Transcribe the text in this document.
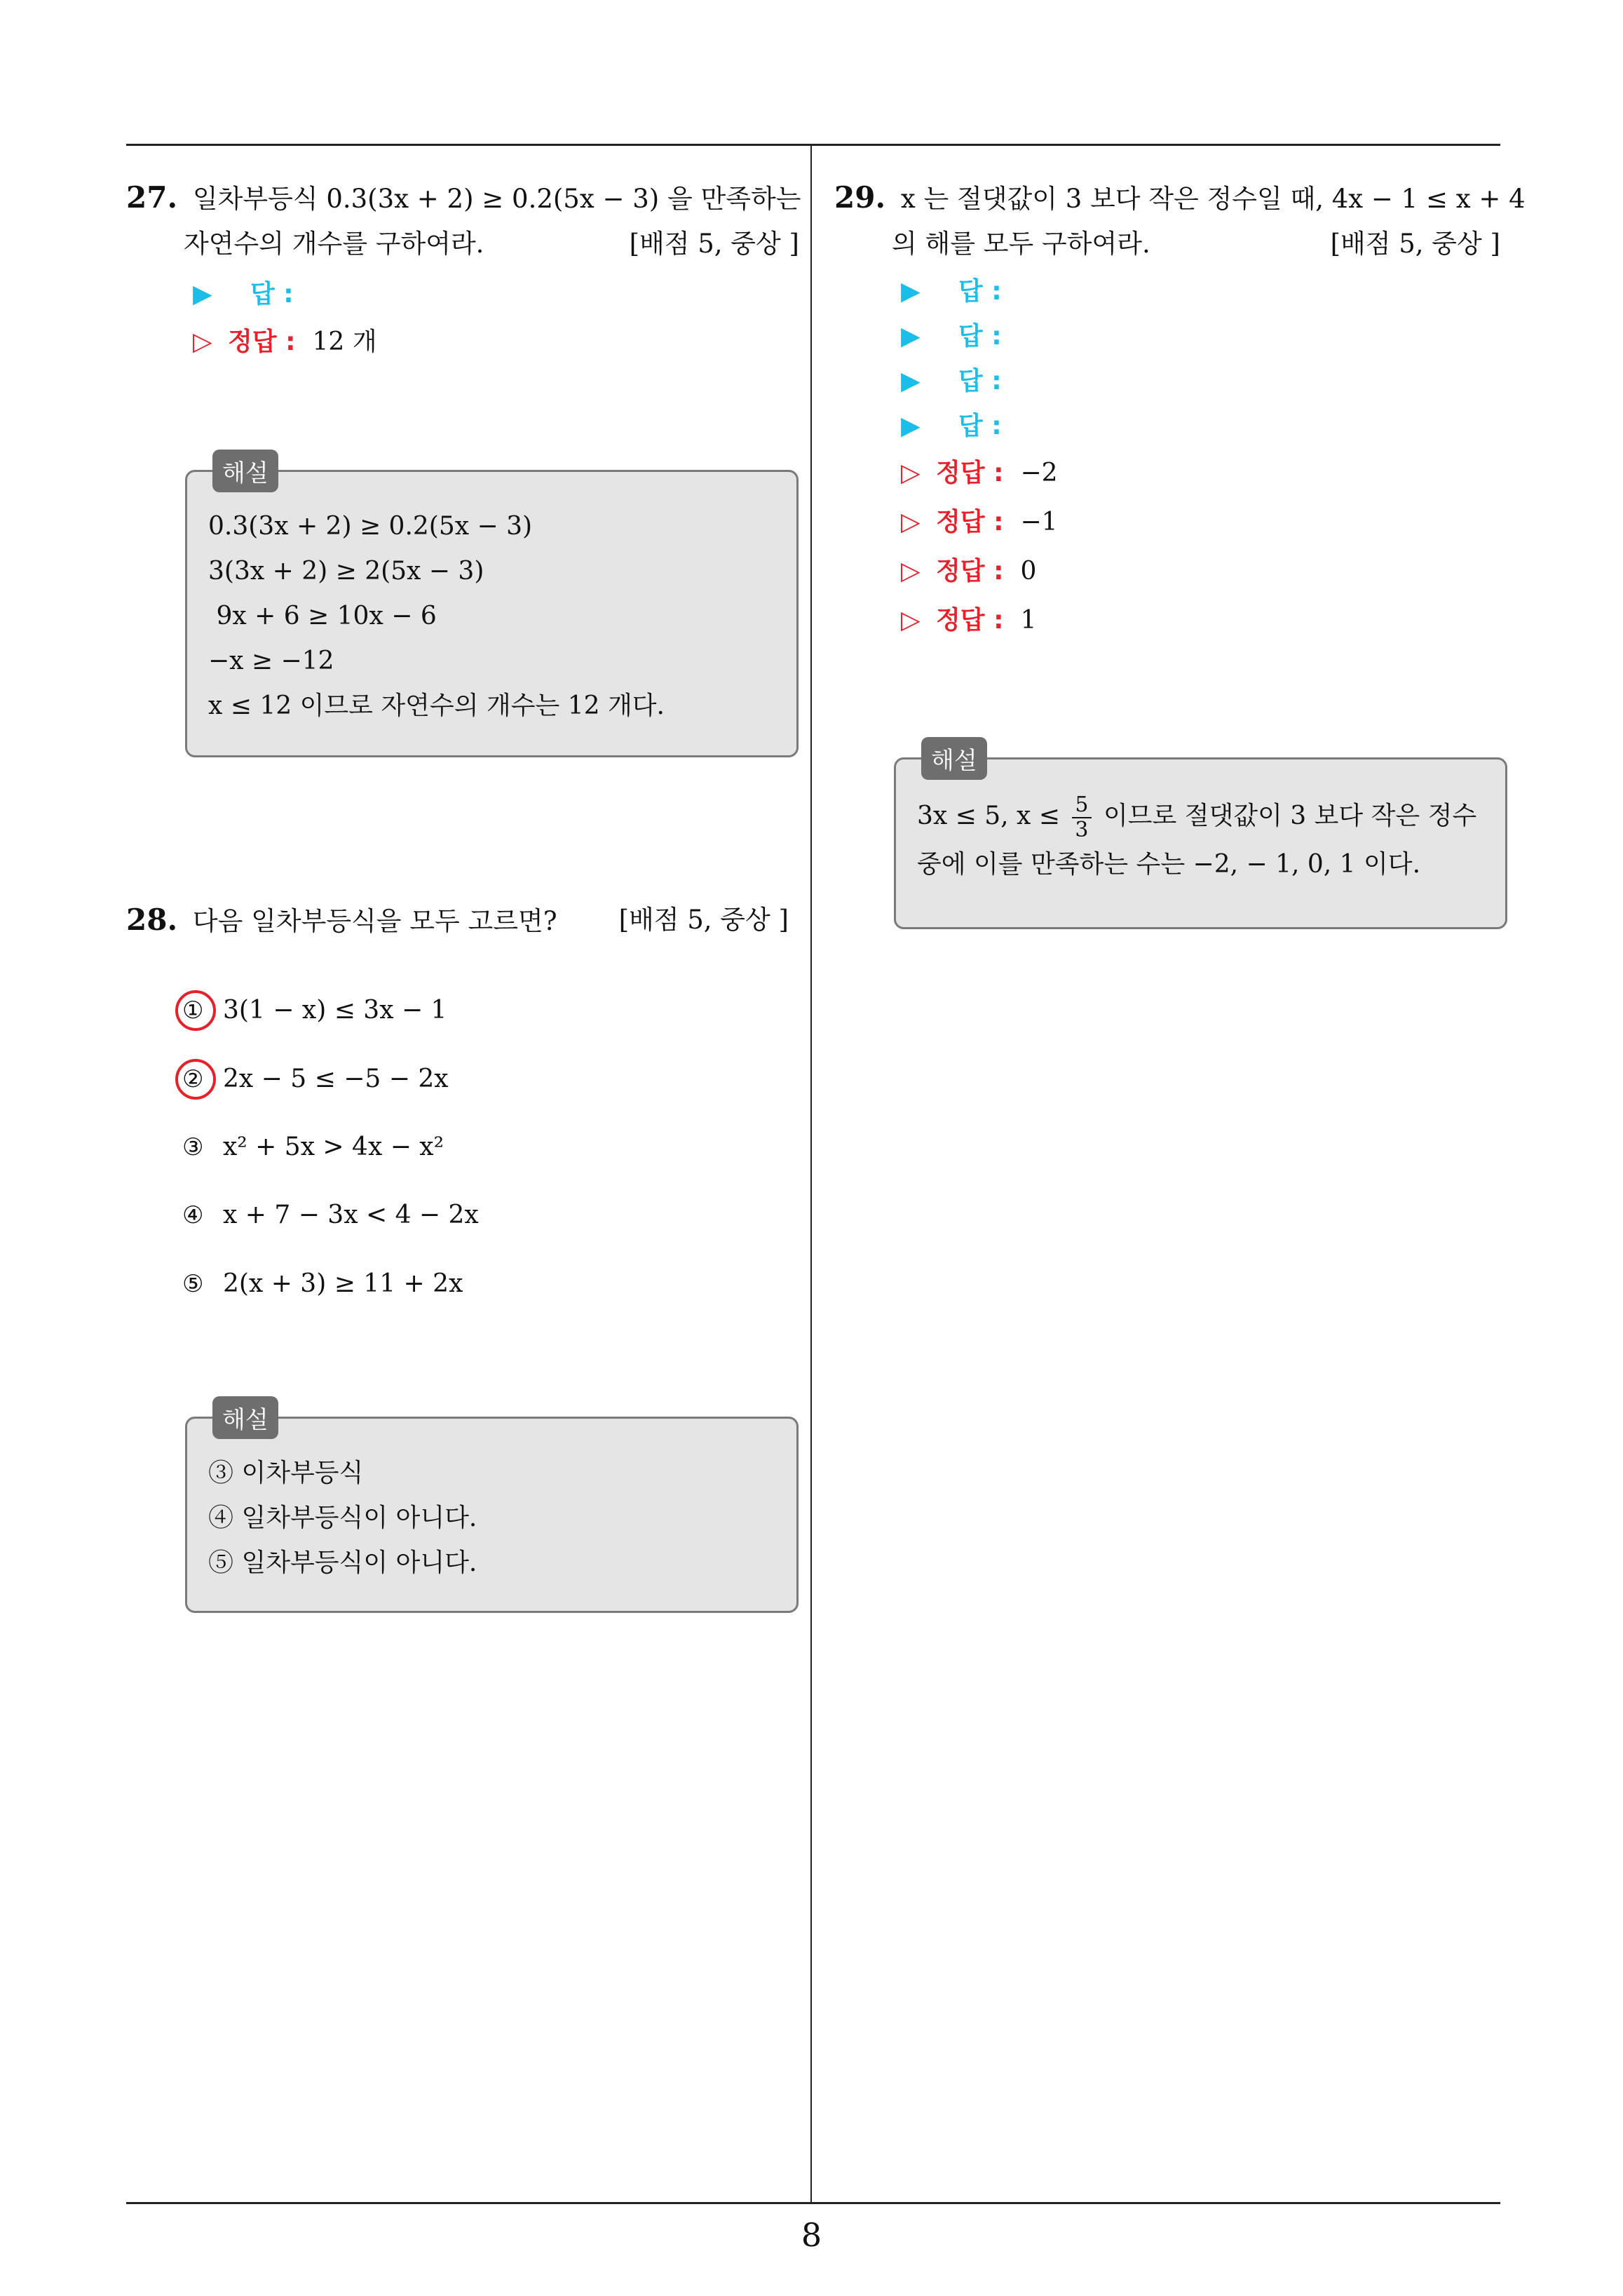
8
27. 일차부등식 0.3(3x + 2) ≥ 0.2(5x − 3) 을 만족하는
자연수의 개수를 구하여라.	[배점 5, 중상 ]
▶	답 :
▷ 정답 : 12 개
해설
0.3(3x + 2) ≥ 0.2(5x − 3)
3(3x + 2) ≥ 2(5x − 3)
9x + 6 ≥ 10x − 6
−x ≥ −12
x ≤ 12 이므로 자연수의 개수는 12 개다.
28. 다음 일차부등식을 모두 고르면? [배점 5, 중상 ]
① 3(1 − x) ≤ 3x − 1
② 2x − 5 ≤ −5 − 2x
③ x² + 5x > 4x − x²
④ x + 7 − 3x < 4 − 2x
⑤ 2(x + 3) ≥ 11 + 2x
해설
③ 이차부등식
④ 일차부등식이 아니다.
⑤ 일차부등식이 아니다.
29. x 는 절댓값이 3 보다 작은 정수일 때, 4x − 1 ≤ x + 4
의 해를 모두 구하여라.	[배점 5, 중상 ]
▶	답 :
▶	답 :
▶	답 :
▶	답 :
▷ 정답 : −2
▷ 정답 : −1
▷ 정답 : 0
▷ 정답 : 1
해설
3x ≤ 5, $x \le \frac{5}{3}$ 이므로 절댓값이 3 보다 작은 정수
중에 이를 만족하는 수는 −2, − 1, 0, 1 이다.
